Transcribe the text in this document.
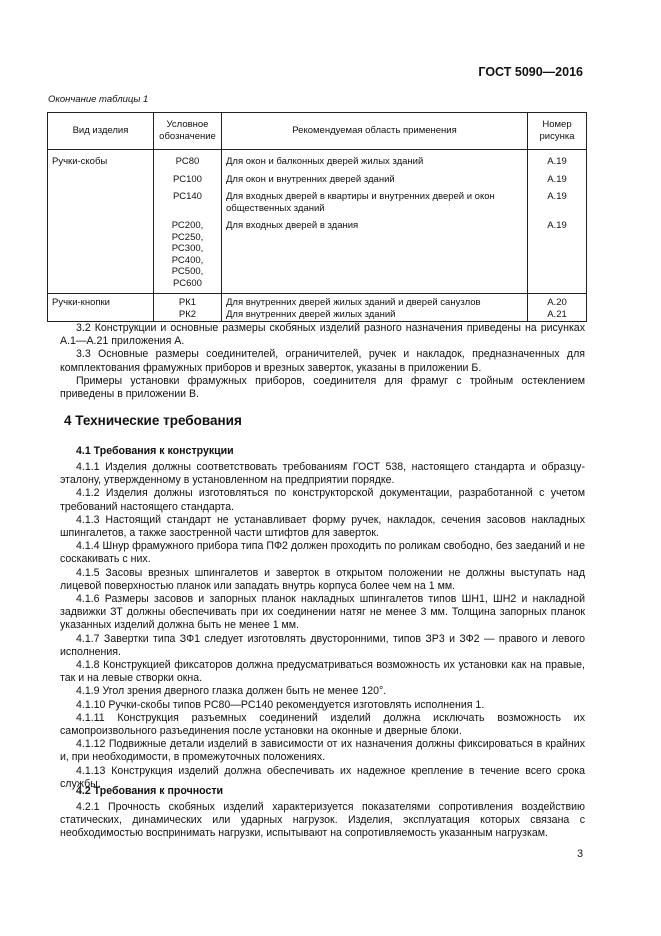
ГОСТ 5090—2016
Окончание таблицы 1
Вид изделия	Условное обозначение	Рекомендуемая область применения	Номер рисунка
Ручки-скобы	РС80	Для окон и балконных дверей жилых зданий	А.19
	РС100	Для окон и внутренних дверей зданий	А.19
	РС140	Для входных дверей в квартиры и внутренних дверей и окон общественных зданий	А.19
	РС200, РС250, РС300, РС400, РС500, РС600	Для входных дверей в здания	А.19
Ручки-кнопки	РК1	Для внутренних дверей жилых зданий и дверей санузлов	А.20
	РК2	Для внутренних дверей жилых зданий	А.21

3.2 Конструкции и основные размеры скобяных изделий разного назначения приведены на рисунках А.1—А.21 приложения А.

3.3 Основные размеры соединителей, ограничителей, ручек и накладок, предназначенных для комплектования фрамужных приборов и врезных заверток, указаны в приложении Б.

Примеры установки фрамужных приборов, соединителя для фрамуг с тройным остеклением приведены в приложении В.

4 Технические требования
4.1 Требования к конструкции

4.1.1 Изделия должны соответствовать требованиям ГОСТ 538, настоящего стандарта и образцу-эталону, утвержденному в установленном на предприятии порядке.

4.1.2 Изделия должны изготовляться по конструкторской документации, разработанной с учетом требований настоящего стандарта.

4.1.3 Настоящий стандарт не устанавливает форму ручек, накладок, сечения засовов накладных шпингалетов, а также заостренной части штифтов для заверток.

4.1.4 Шнур фрамужного прибора типа ПФ2 должен проходить по роликам свободно, без заеданий и не соскакивать с них.

4.1.5 Засовы врезных шпингалетов и заверток в открытом положении не должны выступать над лицевой поверхностью планок или западать внутрь корпуса более чем на 1 мм.

4.1.6 Размеры засовов и запорных планок накладных шпингалетов типов ШН1, ШН2 и накладной задвижки ЗТ должны обеспечивать при их соединении натяг не менее 3 мм. Толщина запорных планок указанных изделий должна быть не менее 1 мм.

4.1.7 Завертки типа ЗФ1 следует изготовлять двусторонними, типов ЗР3 и ЗФ2 — правого и левого исполнения.

4.1.8 Конструкцией фиксаторов должна предусматриваться возможность их установки как на правые, так и на левые створки окна.

4.1.9 Угол зрения дверного глазка должен быть не менее 120°.

4.1.10 Ручки-скобы типов РС80—РС140 рекомендуется изготовлять исполнения 1.

4.1.11 Конструкция разъемных соединений изделий должна исключать возможность их самопроизвольного разъединения после установки на оконные и дверные блоки.

4.1.12 Подвижные детали изделий в зависимости от их назначения должны фиксироваться в крайних и, при необходимости, в промежуточных положениях.

4.1.13 Конструкция изделий должна обеспечивать их надежное крепление в течение всего срока службы.

4.2 Требования к прочности

4.2.1 Прочность скобяных изделий характеризуется показателями сопротивления воздействию статических, динамических или ударных нагрузок. Изделия, эксплуатация которых связана с необходимостью воспринимать нагрузки, испытывают на сопротивляемость указанным нагрузкам.

3
